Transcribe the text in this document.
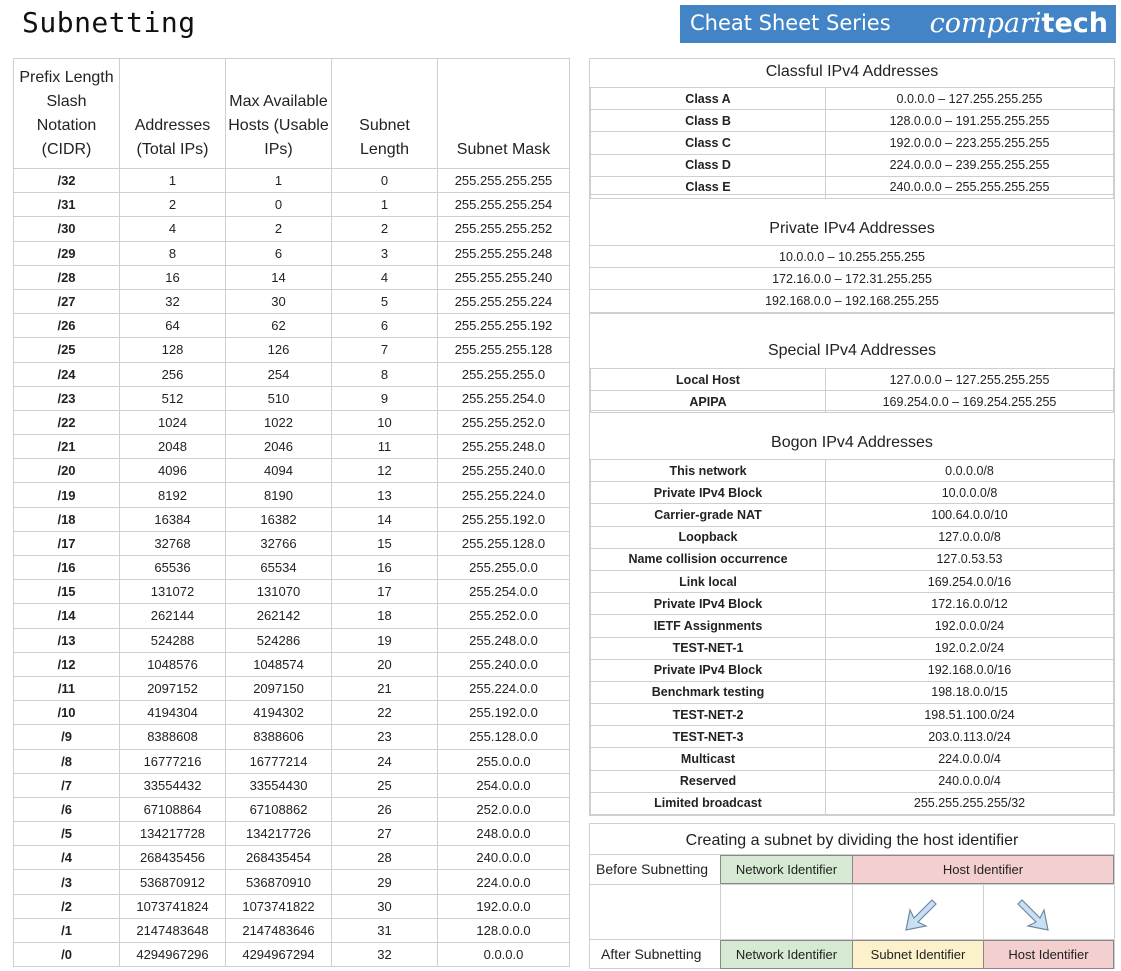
Subnetting	Cheat Sheet Series comparitech
Prefix Length Slash Notation (CIDR)	Addresses (Total IPs)	Max Available Hosts (Usable IPs)	Subnet Length	Subnet Mask
/32	1	1	0	255.255.255.255
/31	2	0	1	255.255.255.254
/30	4	2	2	255.255.255.252
/29	8	6	3	255.255.255.248
/28	16	14	4	255.255.255.240
/27	32	30	5	255.255.255.224
/26	64	62	6	255.255.255.192
/25	128	126	7	255.255.255.128
/24	256	254	8	255.255.255.0
/23	512	510	9	255.255.254.0
/22	1024	1022	10	255.255.252.0
/21	2048	2046	11	255.255.248.0
/20	4096	4094	12	255.255.240.0
/19	8192	8190	13	255.255.224.0
/18	16384	16382	14	255.255.192.0
/17	32768	32766	15	255.255.128.0
/16	65536	65534	16	255.255.0.0
/15	131072	131070	17	255.254.0.0
/14	262144	262142	18	255.252.0.0
/13	524288	524286	19	255.248.0.0
/12	1048576	1048574	20	255.240.0.0
/11	2097152	2097150	21	255.224.0.0
/10	4194304	4194302	22	255.192.0.0
/9	8388608	8388606	23	255.128.0.0
/8	16777216	16777214	24	255.0.0.0
/7	33554432	33554430	25	254.0.0.0
/6	67108864	67108862	26	252.0.0.0
/5	134217728	134217726	27	248.0.0.0
/4	268435456	268435454	28	240.0.0.0
/3	536870912	536870910	29	224.0.0.0
/2	1073741824	1073741822	30	192.0.0.0
/1	2147483648	2147483646	31	128.0.0.0
/0	4294967296	4294967294	32	0.0.0.0
Classful IPv4 Addresses
Class A	0.0.0.0 – 127.255.255.255
Class B	128.0.0.0 – 191.255.255.255
Class C	192.0.0.0 – 223.255.255.255
Class D	224.0.0.0 – 239.255.255.255
Class E	240.0.0.0 – 255.255.255.255
Private IPv4 Addresses
10.0.0.0 – 10.255.255.255
172.16.0.0 – 172.31.255.255
192.168.0.0 – 192.168.255.255
Special IPv4 Addresses
Local Host	127.0.0.0 – 127.255.255.255
APIPA	169.254.0.0 – 169.254.255.255
Bogon IPv4 Addresses
This network	0.0.0.0/8
Private IPv4 Block	10.0.0.0/8
Carrier-grade NAT	100.64.0.0/10
Loopback	127.0.0.0/8
Name collision occurrence	127.0.53.53
Link local	169.254.0.0/16
Private IPv4 Block	172.16.0.0/12
IETF Assignments	192.0.0.0/24
TEST-NET-1	192.0.2.0/24
Private IPv4 Block	192.168.0.0/16
Benchmark testing	198.18.0.0/15
TEST-NET-2	198.51.100.0/24
TEST-NET-3	203.0.113.0/24
Multicast	224.0.0.0/4
Reserved	240.0.0.0/4
Limited broadcast	255.255.255.255/32
Creating a subnet by dividing the host identifier
Before Subnetting	Network Identifier	Host Identifier
After Subnetting	Network Identifier	Subnet Identifier	Host Identifier
